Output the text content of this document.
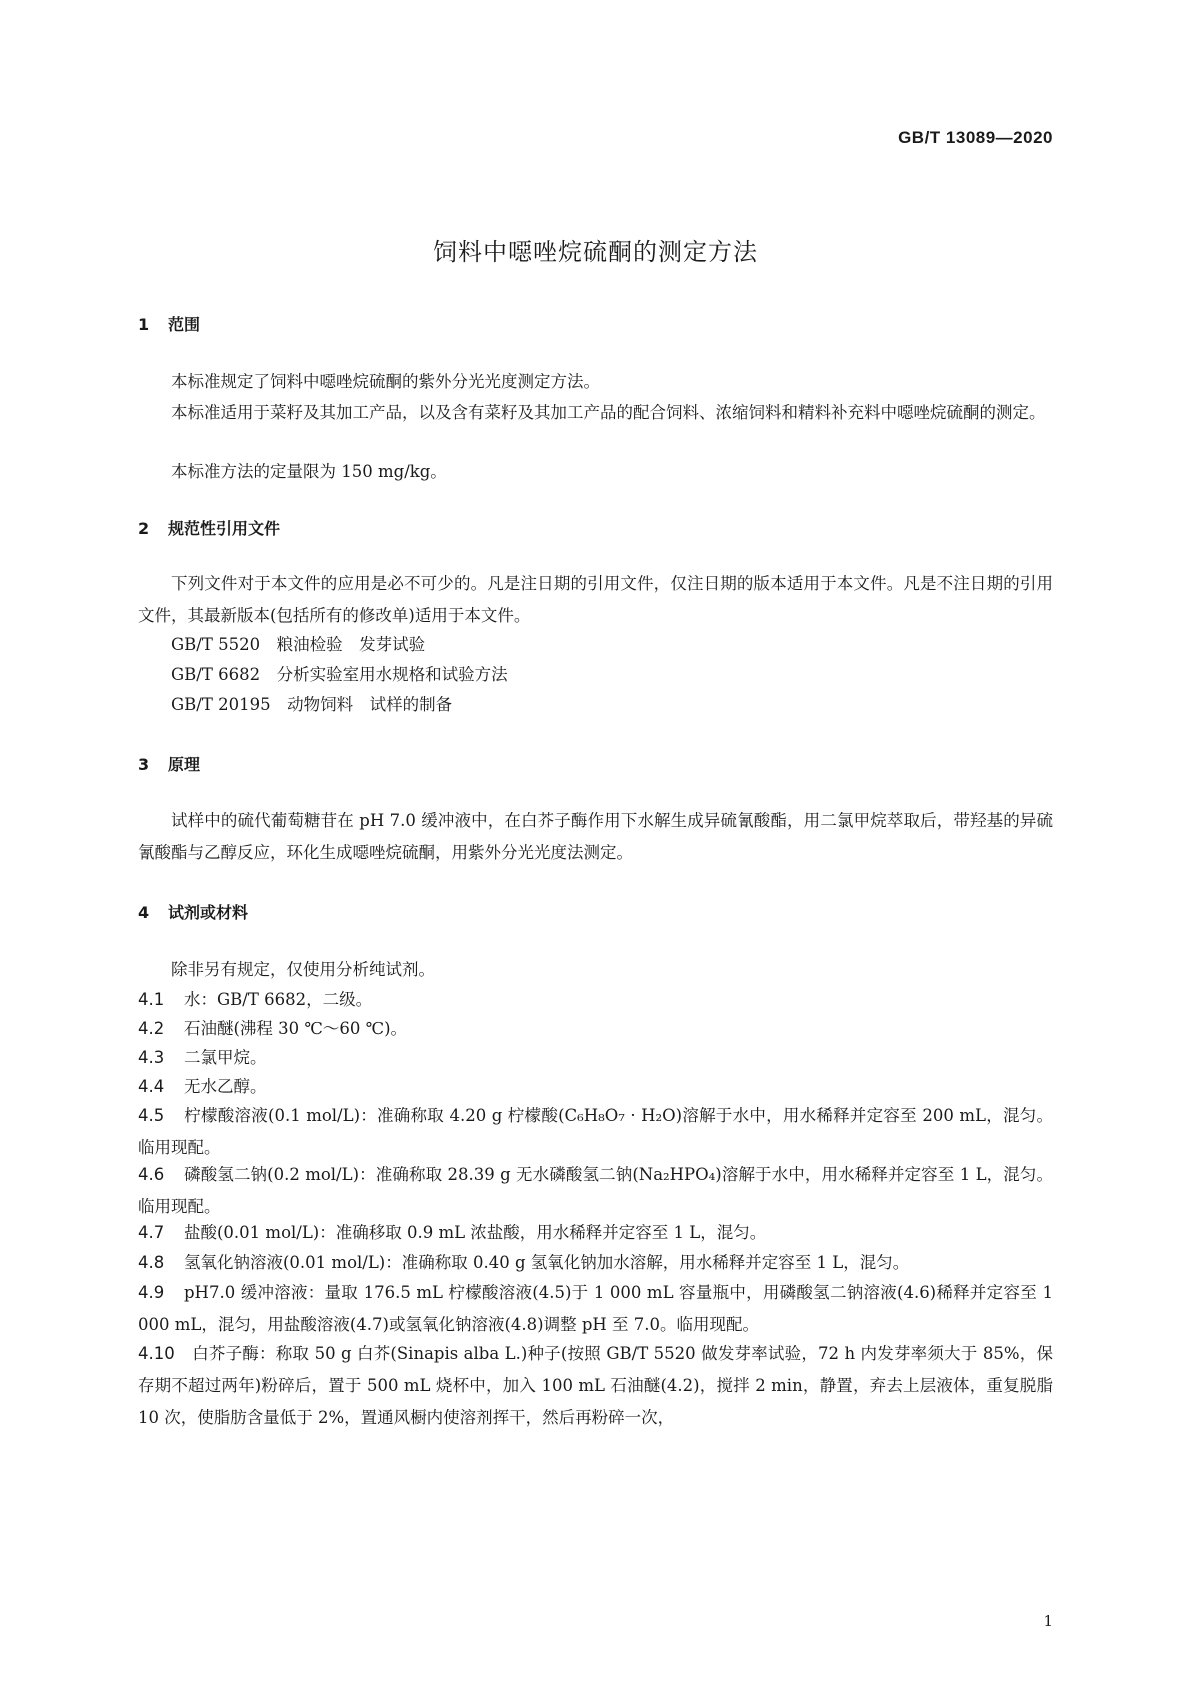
GB/T 13089—2020
饲料中噁唑烷硫酮的测定方法
1 范围
本标准规定了饲料中噁唑烷硫酮的紫外分光光度测定方法。
本标准适用于菜籽及其加工产品，以及含有菜籽及其加工产品的配合饲料、浓缩饲料和精料补充料中噁唑烷硫酮的测定。
本标准方法的定量限为 150 mg/kg。
2 规范性引用文件
下列文件对于本文件的应用是必不可少的。凡是注日期的引用文件，仅注日期的版本适用于本文件。凡是不注日期的引用文件，其最新版本(包括所有的修改单)适用于本文件。
GB/T 5520　粮油检验　发芽试验
GB/T 6682　分析实验室用水规格和试验方法
GB/T 20195　动物饲料　试样的制备
3 原理
试样中的硫代葡萄糖苷在 pH 7.0 缓冲液中，在白芥子酶作用下水解生成异硫氰酸酯，用二氯甲烷萃取后，带羟基的异硫氰酸酯与乙醇反应，环化生成噁唑烷硫酮，用紫外分光光度法测定。
4 试剂或材料
除非另有规定，仅使用分析纯试剂。
4.1 水：GB/T 6682，二级。
4.2 石油醚(沸程 30 ℃～60 ℃)。
4.3 二氯甲烷。
4.4 无水乙醇。
4.5 柠檬酸溶液(0.1 mol/L)：准确称取 4.20 g 柠檬酸(C₆H₈O₇ · H₂O)溶解于水中，用水稀释并定容至 200 mL，混匀。临用现配。
4.6 磷酸氢二钠(0.2 mol/L)：准确称取 28.39 g 无水磷酸氢二钠(Na₂HPO₄)溶解于水中，用水稀释并定容至 1 L，混匀。临用现配。
4.7 盐酸(0.01 mol/L)：准确移取 0.9 mL 浓盐酸，用水稀释并定容至 1 L，混匀。
4.8 氢氧化钠溶液(0.01 mol/L)：准确称取 0.40 g 氢氧化钠加水溶解，用水稀释并定容至 1 L，混匀。
4.9 pH7.0 缓冲溶液：量取 176.5 mL 柠檬酸溶液(4.5)于 1 000 mL 容量瓶中，用磷酸氢二钠溶液(4.6)稀释并定容至 1 000 mL，混匀，用盐酸溶液(4.7)或氢氧化钠溶液(4.8)调整 pH 至 7.0。临用现配。
4.10 白芥子酶：称取 50 g 白芥(Sinapis alba L.)种子(按照 GB/T 5520 做发芽率试验，72 h 内发芽率须大于 85%，保存期不超过两年)粉碎后，置于 500 mL 烧杯中，加入 100 mL 石油醚(4.2)，搅拌 2 min，静置，弃去上层液体，重复脱脂 10 次，使脂肪含量低于 2%，置通风橱内使溶剂挥干，然后再粉碎一次，
1
